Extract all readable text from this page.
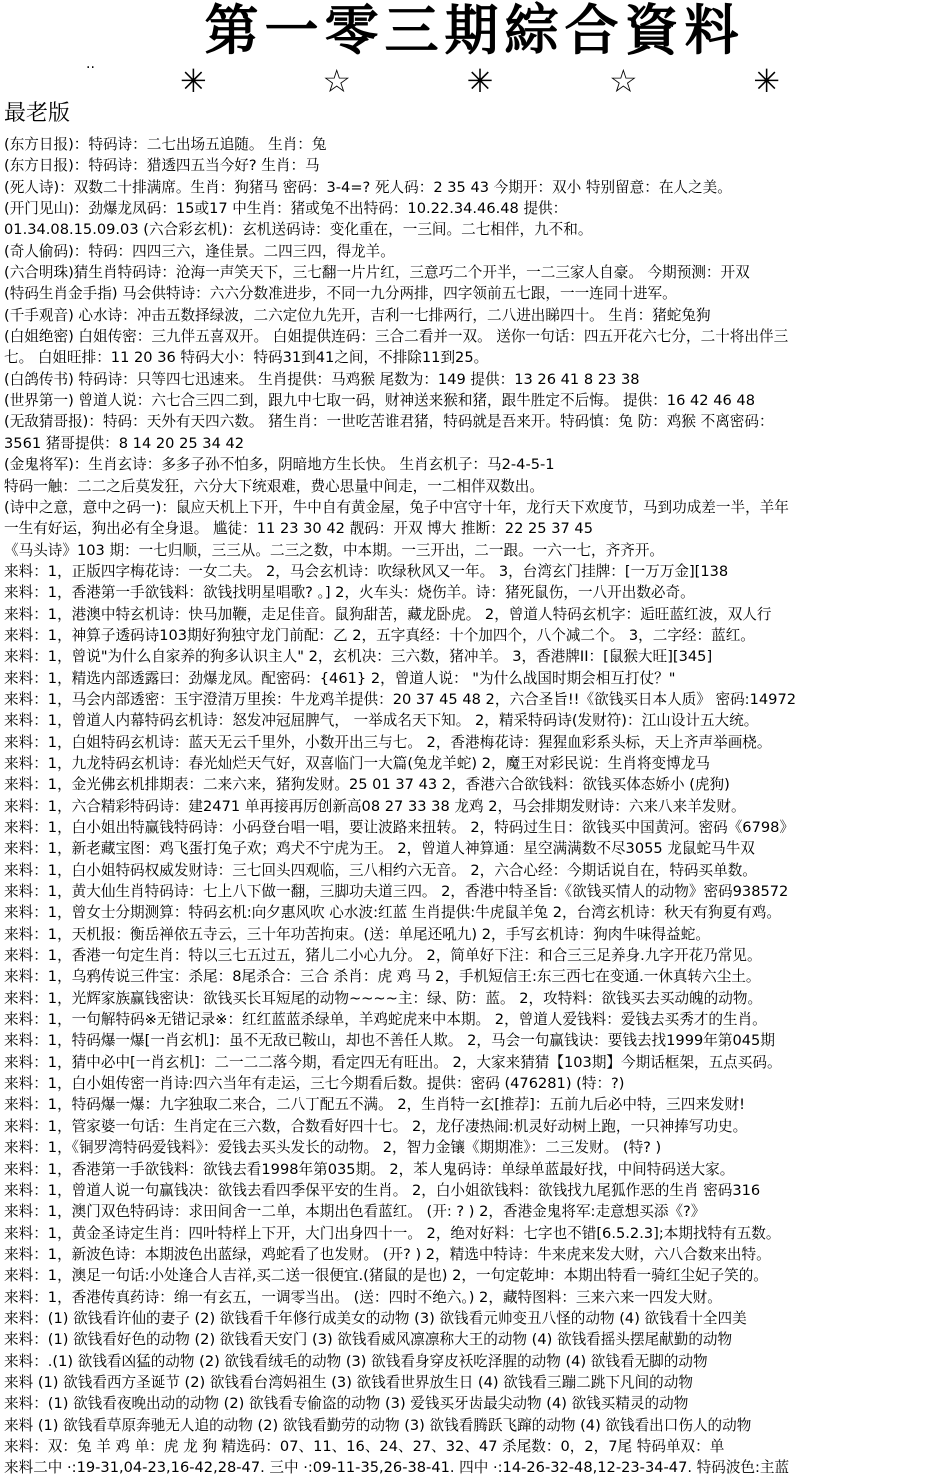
第一零三期綜合資料
··	✳	☆	✳	☆	✳
最老版
(东方日报)：特码诗：二七出场五追随。 生肖：兔
(东方日报)：特码诗：猎透四五当今好? 生肖：马
(死人诗)：双数二十排满席。生肖：狗猪马 密码：3-4=? 死人码：2 35 43 今期开：双小 特别留意：在人之美。
(开门见山)：劲爆龙凤码：15或17 中生肖：猪或兔不出特码：10.22.34.46.48 提供：
01.34.08.15.09.03 (六合彩玄机)：玄机送码诗：变化重在，一三间。二七相伴，九不和。
(奇人偷码)：特码：四四三六，逢佳景。二四三四，得龙羊。
(六合明珠)猜生肖特码诗：沧海一声笑天下，三七翻一片片红，三意巧二个开半，一二三家人自豪。 今期预测：开双
(特码生肖金手指) 马会供特诗：六六分数准进步，不同一九分两排，四字领前五七跟，一一连同十进军。
(千手观音) 心水诗：冲击五数择绿波，二六定位九先开，吉利一七排两行，二八进出睇四十。 生肖：猪蛇兔狗
(白姐绝密) 白姐传密：三九伴五喜双开。 白姐提供连码：三合二看并一双。 送你一句话：四五开花六七分，二十将出伴三
七。 白姐旺排：11 20 36 特码大小：特码31到41之间，不排除11到25。
(白鸽传书) 特码诗：只等四七迅速来。 生肖提供：马鸡猴 尾数为：149 提供：13 26 41 8 23 38
(世界第一) 曾道人说：六七合三四二到，跟九中七取一码，财神送来猴和猪，跟牛胜定不后悔。 提供：16 42 46 48
(无敌猜哥报)：特码：天外有天四六数。 猪生肖：一世吃苦谁君猪，特码就是吾来开。特码慎：兔 防：鸡猴 不离密码：
3561 猪哥提供：8 14 20 25 34 42
(金鬼将军)：生肖玄诗：多多子孙不怕多，阴暗地方生长快。 生肖玄机子：马2-4-5-1
特码一触：二二之后莫发狂，六分大下统艰难，费心思量中间走，一二相伴双数出。
(诗中之意，意中之码一)：鼠应天机上下开，牛中自有黄金屋，兔子中宫守十年，龙行天下欢度节，马到功成差一半，羊年
一生有好运，狗出必有全身退。 尴徒：11 23 30 42 靓码：开双 博大 推断：22 25 37 45
《马头诗》103 期：一七归顺，三三从。二三之数，中本期。一三开出，二一跟。一六一七，齐齐开。
来料：1，正版四字梅花诗：一女二夫。 2，马会玄机诗：吹绿秋风又一年。 3，台湾玄门挂牌：[一万万金][138
来料：1，香港第一手欲钱料：欲钱找明星唱歌? 。] 2，火车头：烧伤羊。诗：猪死鼠伤，一八开出数必奇。
来料：1，港澳中特玄机诗：快马加鞭，走足佳音。鼠狗甜苦，藏龙卧虎。 2，曾道人特码玄机字：逅旺蓝红波，双人行
来料：1，神算子透码诗103期好狗独守龙门前配：乙 2，五字真经：十个加四个，八个减二个。 3，二字经：蓝红。
来料：1，曾说"为什么自家养的狗多认识主人" 2，玄机决：三六数，猪冲羊。 3，香港牌II：[鼠猴大旺][345]
来料：1，精选内部透露曰：劲爆龙凤。配密码：{461} 2，曾道人说： "为什么战国时期会相互打仗？"
来料：1，马会内部透密：玉宇澄清万里挨：牛龙鸡羊提供：20 37 45 48 2，六合圣旨!!《欲钱买日本人质》 密码:14972
来料：1，曾道人内幕特码玄机诗：怒发冲冠屈脾气， 一举成名天下知。 2，精采特码诗(发财符)：江山设计五大统。
来料：1，白姐特码玄机诗：蓝天无云千里外，小数开出三与七。 2，香港梅花诗：猩猩血彩系头标，天上齐声举画桡。
来料：1，九龙特码玄机诗：春光灿烂天气好，双喜临门一大篇(兔龙羊蛇) 2，魔王对彩民说：生肖将变博龙马
来料：1，金光佛玄机排期表：二来六来，猪狗发财。25 01 37 43 2，香港六合欲钱料：欲钱买体态娇小 (虎狗)
来料：1，六合精彩特码诗：建2471 单再接再厉创新高08 27 33 38 龙鸡 2，马会排期发财诗：六来八来羊发财。
来料：1，白小姐出特赢钱特码诗：小码登台唱一唱，要让波路来扭转。 2，特码过生日：欲钱买中国黄河。密码《6798》
来料：1，新老藏宝图：鸡飞蛋打兔子欢；鸡犬不宁虎为王。 2，曾道人神算通：星空满满数不尽3055 龙鼠蛇马牛双
来料：1，白小姐特码权威发财诗：三七回头四观临，三八相约六无音。 2，六合心经：今期话说自在，特码买单数。
来料：1，黄大仙生肖特码诗：七上八下做一翻，三脚功夫道三四。 2，香港中特圣旨:《欲钱买情人的动物》密码938572
来料：1，曾女士分期测算：特码玄机:向夕惠风吹 心水波:红蓝 生肖提供:牛虎鼠羊兔 2，台湾玄机诗：秋天有狗夏有鸡。
来料：1，天机报：衡岳禅依五寺云，三十年功苦拘束。(送：单尾还吼九) 2，手写玄机诗：狗肉牛味得益蛇。
来料：1，香港一句定生肖：特以三七五过五，猪儿二小心九分。 2，简单好下注：和合三三足养身.九字开花乃常见。
来料：1，乌鸦传说三件宝：杀尾：8尾杀合：三合 杀肖：虎 鸡 马 2，手机短信王:东三西七在变通.一休真转六尘土。
来料：1，光辉家族赢钱密诀：欲钱买长耳短尾的动物~~~~主：绿、防：蓝。 2，攻特料：欲钱买去买动魄的动物。
来料：1，一句解特码※无错记录※：红红蓝蓝杀绿单，羊鸡蛇虎来中本期。 2，曾道人爱钱料：爱钱去买秀才的生肖。
来料：1，特码爆一爆[一肖玄机]：虽不无敌已鞍山，却也不善任人欺。 2，马会一句赢钱诀：要钱去找1999年第045期
来料：1，猜中必中[一肖玄机]：二一二二落今期，看定四无有旺出。 2，大家来猜猜【103期】今期话框架，五点买码。
来料：1，白小姐传密一肖诗:四六当年有走运，三七今期看后数。提供：密码 (476281) (特：?)
来料：1，特码爆一爆：九字独取二来合，二八丁配五不满。 2，生肖特一玄[推荐]：五前九后必中特，三四来发财!
来料：1，管家婆一句话：生肖定在三六数，合数看好四十七。 2，龙仔凄热闹:机灵好动树上跑，一只神捧写功史。
来料：1，《铜罗湾特码爱钱料》：爱钱去买头发长的动物。 2，智力金镶《期期准》：二三发财。 (特? )
来料：1，香港第一手欲钱料：欲钱去看1998年第035期。 2，苯人鬼码诗：单绿单蓝最好找，中间特码送大家。
来料：1，曾道人说一句赢钱决：欲钱去看四季保平安的生肖。 2，白小姐欲钱料：欲钱找九尾狐作恶的生肖 密码316
来料：1，澳门双色特码诗：求田间舍一二单，本期出色看蓝红。 (开: ? ) 2，香港金鬼将军:走意想买添《?》
来料：1，黄金圣诗定生肖：四叶特样上下开，大门出身四十一。 2，绝对好料：七字也不错[6.5.2.3];本期找特有五数。
来料：1，新波色诗：本期波色出蓝绿，鸡蛇看了也发财。 (开? ) 2，精选中特诗：牛来虎来发大财，六八合数来出特。
来料：1，澳足一句话:小处逢合人吉祥,买二送一很便宜.(猪鼠的是也) 2，一句定乾坤：本期出特看一骑红尘妃子笑的。
来料：1，香港传真药诗：绵一有玄五，一调零当出。 (送：四时不绝六。) 2，藏特图料：三来六来一四发大财。
来料：(1) 欲钱看许仙的妻子 (2) 欲钱看千年修行成美女的动物 (3) 欲钱看元帅变丑八怪的动物 (4) 欲钱看十全四美
来料：(1) 欲钱看好色的动物 (2) 欲钱看天安门 (3) 欲钱看威风凛凛称大王的动物 (4) 欲钱看摇头摆尾献勤的动物
来料：.(1) 欲钱看凶猛的动物 (2) 欲钱看绒毛的动物 (3) 欲钱看身穿皮袄吃泽腥的动物 (4) 欲钱看无脚的动物
来料 (1) 欲钱看西方圣诞节 (2) 欲钱看台湾妈祖生 (3) 欲钱看世界放生日 (4) 欲钱看三蹦二跳下凡间的动物
来料：(1) 欲钱看夜晚出动的动物 (2) 欲钱看专偷盗的动物 (3) 爱钱买牙齿最尖动物 (4) 欲钱买精灵的动物
来料 (1) 欲钱看草原奔驰无人追的动物 (2) 欲钱看勤劳的动物 (3) 欲钱看腾跃飞蹿的动物 (4) 欲钱看出口伤人的动物
来料：双：兔 羊 鸡 单：虎 龙 狗 精选码：07、11、16、24、27、32、47 杀尾数：0，2，7尾 特码单双：单
来料二中 ·:19-31,04-23,16-42,28-47. 三中 ·:09-11-35,26-38-41. 四中 ·:14-26-32-48,12-23-34-47. 特码波色:主蓝
